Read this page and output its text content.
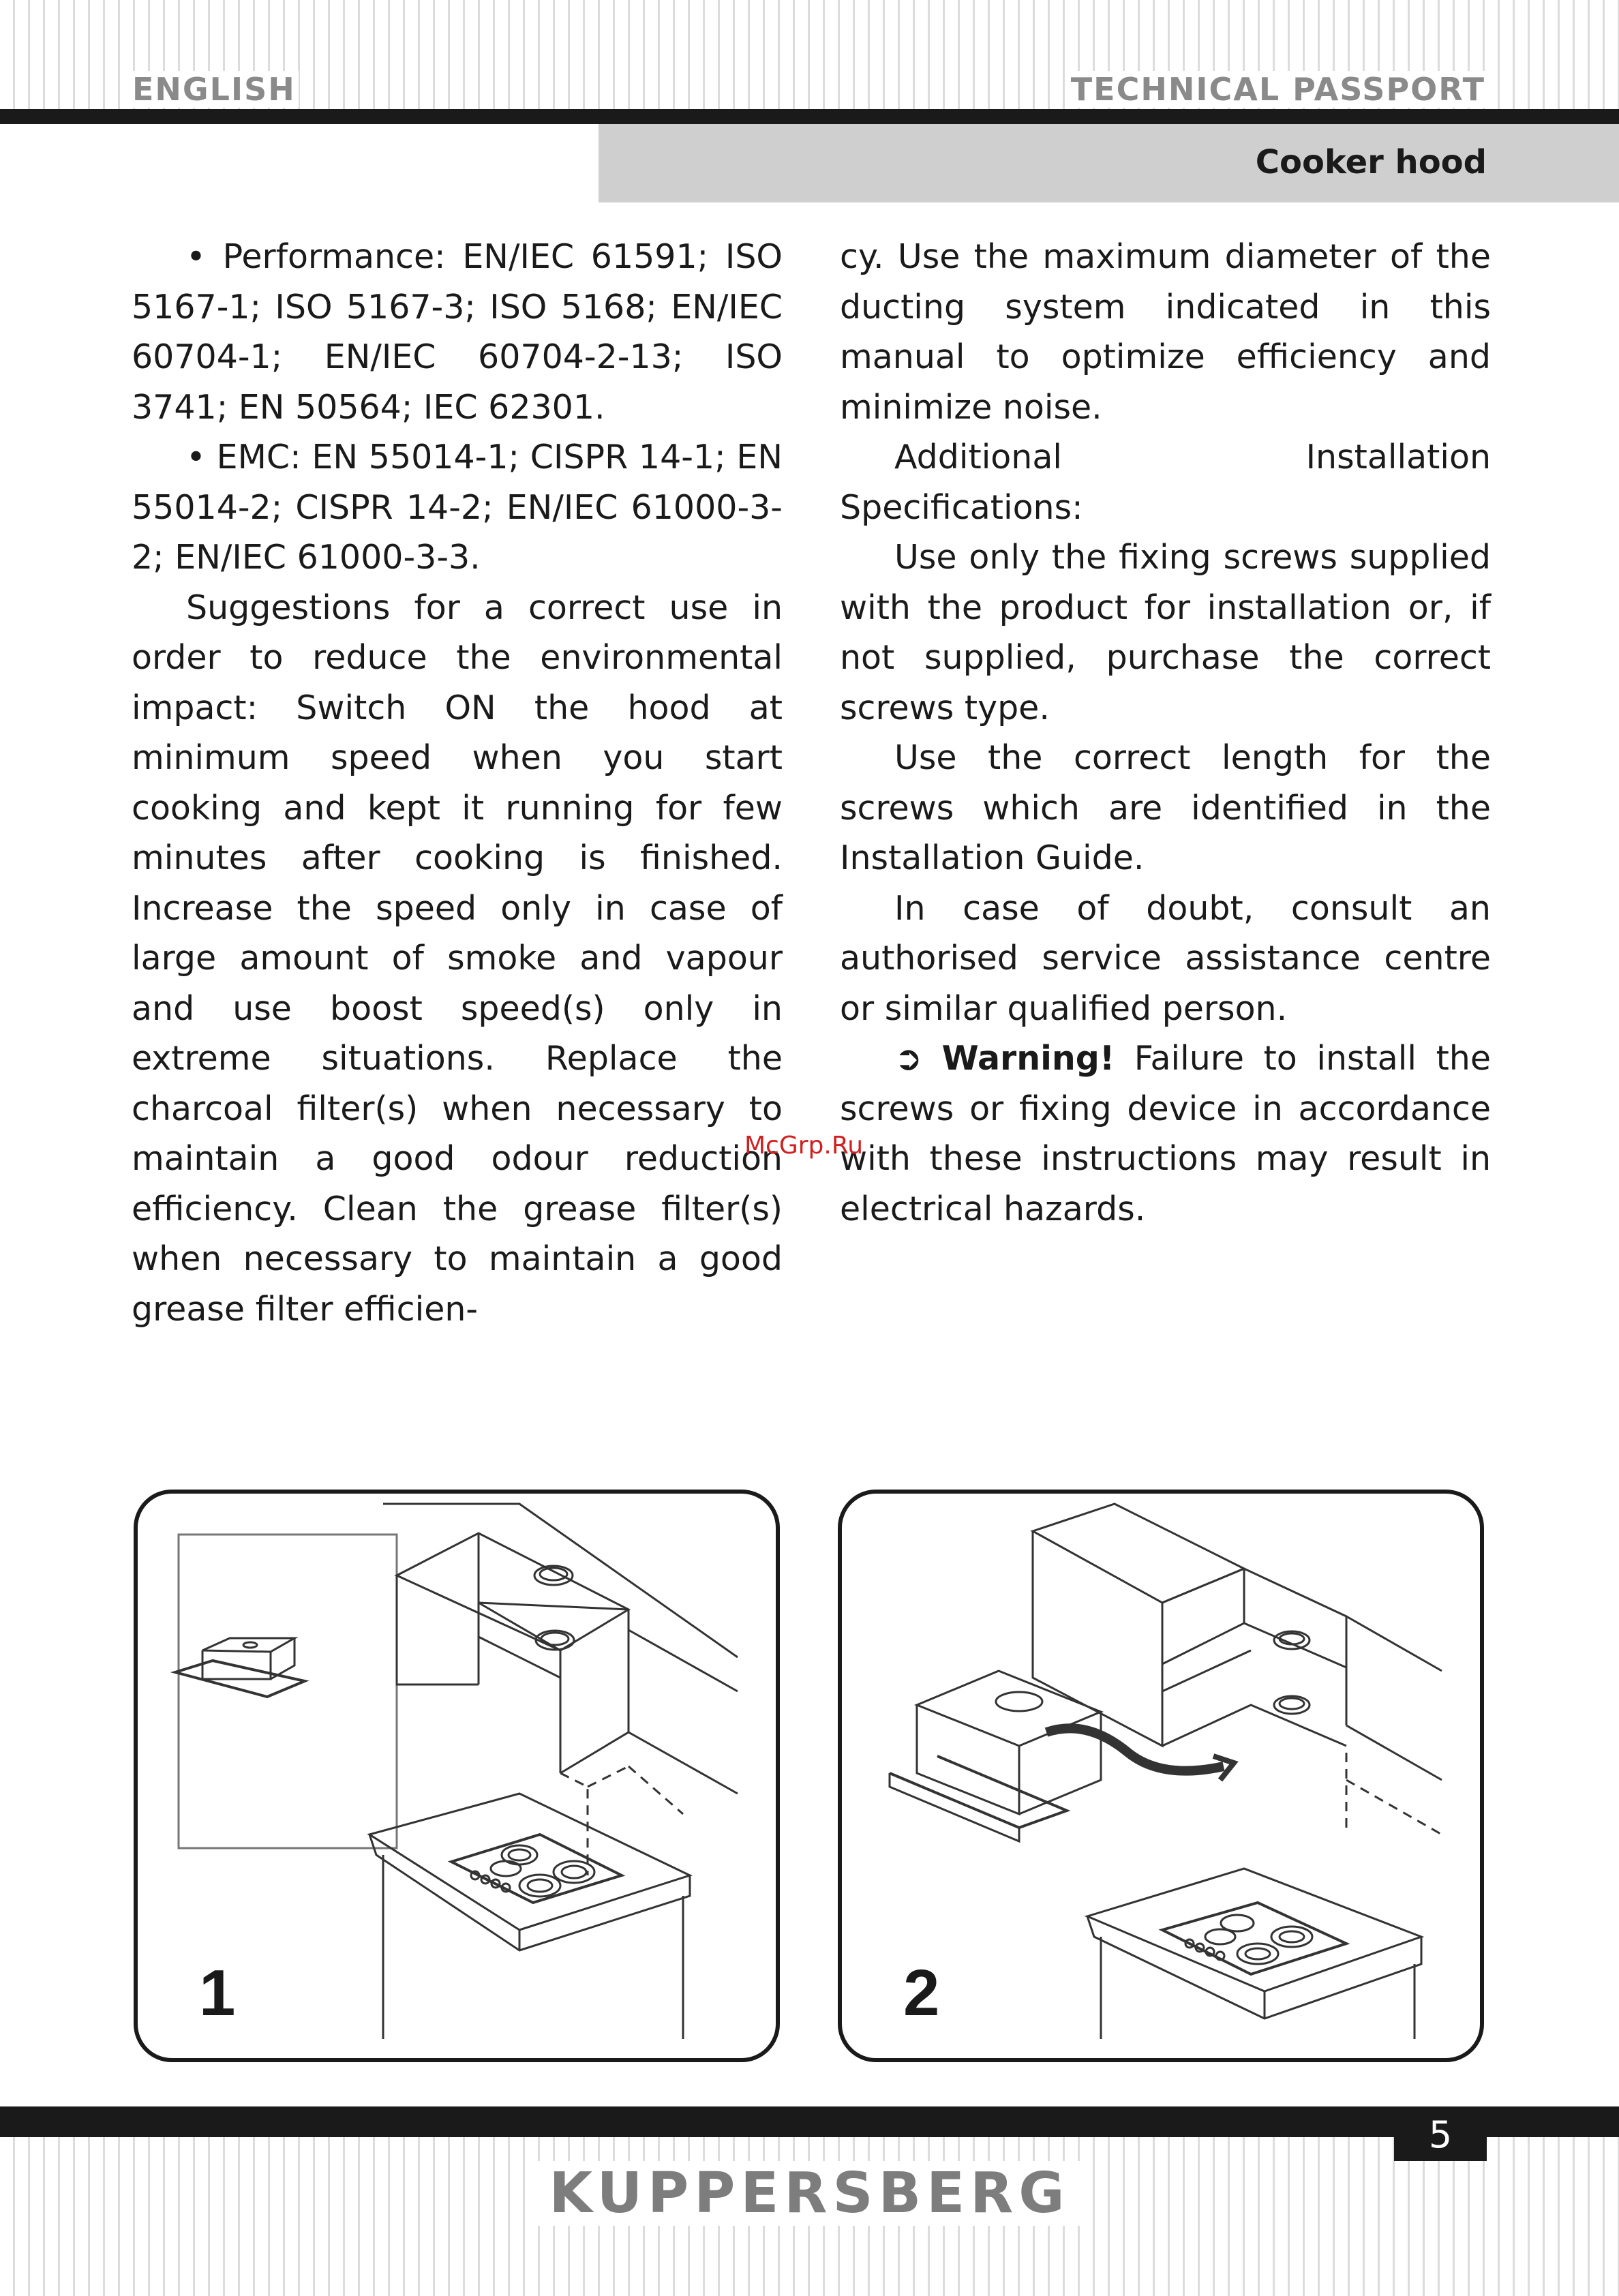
ENGLISH	TECHNICAL PASSPORT
Cooker hood

• Performance: EN/IEC 61591; ISO 5167-1; ISO 5167-3; ISO 5168; EN/IEC 60704-1; EN/IEC 60704-2-13; ISO 3741; EN 50564; IEC 62301.

• EMC: EN 55014-1; CISPR 14-1; EN 55014-2; CISPR 14-2; EN/IEC 61000-3-2; EN/IEC 61000-3-3.

Suggestions for a correct use in order to reduce the environmental impact: Switch ON the hood at minimum speed when you start cooking and kept it running for few minutes after cooking is finished. Increase the speed only in case of large amount of smoke and vapour and use boost speed(s) only in extreme situations. Replace the charcoal filter(s) when necessary to maintain a good odour reduction efficiency. Clean the grease filter(s) when necessary to maintain a good grease filter efficien-

cy. Use the maximum diameter of the ducting system indicated in this manual to optimize efficiency and minimize noise.

Additional Installation Specifications:

Use only the fixing screws supplied with the product for installation or, if not supplied, purchase the correct screws type.

Use the correct length for the screws which are identified in the Installation Guide.

In case of doubt, consult an authorised service assistance centre or similar qualified person.

➲ Warning! Failure to install the screws or fixing device in accordance with these instructions may result in electrical hazards.

McGrp.Ru
1	2
5
KUPPERSBERG
